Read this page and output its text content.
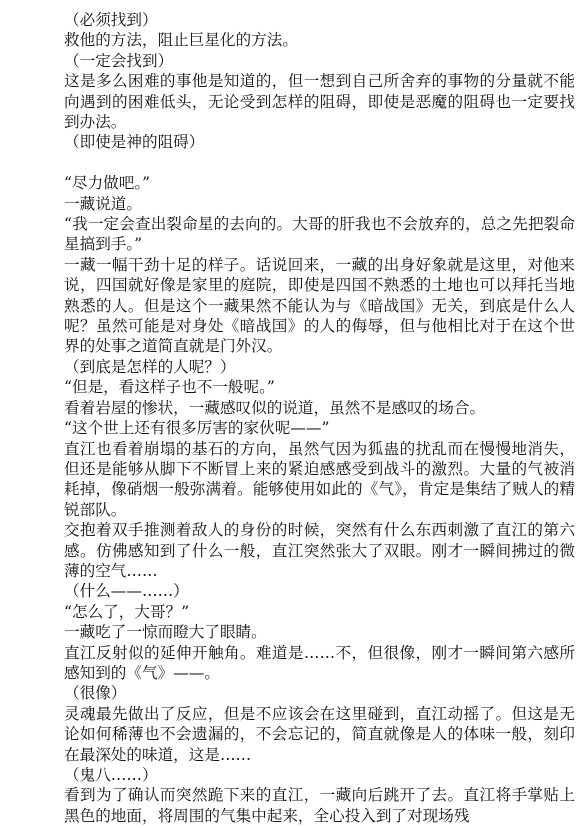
（必须找到）

救他的方法，阻止巨星化的方法。

（一定会找到）

这是多么困难的事他是知道的，但一想到自己所舍弃的事物的分量就不能向遇到的困难低头，无论受到怎样的阻碍，即使是恶魔的阻碍也一定要找到办法。

（即使是神的阻碍）

“尽力做吧。”

一藏说道。

“我一定会查出裂命星的去向的。大哥的肝我也不会放弃的，总之先把裂命星搞到手。”

一藏一幅干劲十足的样子。话说回来，一藏的出身好象就是这里，对他来说，四国就好像是家里的庭院，即使是四国不熟悉的土地也可以拜托当地熟悉的人。但是这个一藏果然不能认为与《暗战国》无关，到底是什么人呢？虽然可能是对身处《暗战国》的人的侮辱，但与他相比对于在这个世界的处事之道简直就是门外汉。

（到底是怎样的人呢？）

“但是，看这样子也不一般呢。”

看着岩屋的惨状，一藏感叹似的说道，虽然不是感叹的场合。

“这个世上还有很多厉害的家伙呢——”

直江也看着崩塌的基石的方向，虽然气因为狐蛊的扰乱而在慢慢地消失，但还是能够从脚下不断冒上来的紧迫感感受到战斗的激烈。大量的气被消耗掉，像硝烟一般弥满着。能够使用如此的《气》，肯定是集结了贼人的精锐部队。

交抱着双手推测着敌人的身份的时候，突然有什么东西刺激了直江的第六感。仿佛感知到了什么一般，直江突然张大了双眼。刚才一瞬间拂过的微薄的空气……

（什么——……）

“怎么了，大哥？”

一藏吃了一惊而瞪大了眼睛。

直江反射似的延伸开触角。难道是……不，但很像，刚才一瞬间第六感所感知到的《气》——。

（很像）

灵魂最先做出了反应，但是不应该会在这里碰到，直江动摇了。但这是无论如何稀薄也不会遗漏的，不会忘记的，简直就像是人的体味一般，刻印在最深处的味道，这是……

（鬼八……）

看到为了确认而突然跪下来的直江，一藏向后跳开了去。直江将手掌贴上黑色的地面，将周围的气集中起来，全心投入到了对现场残
